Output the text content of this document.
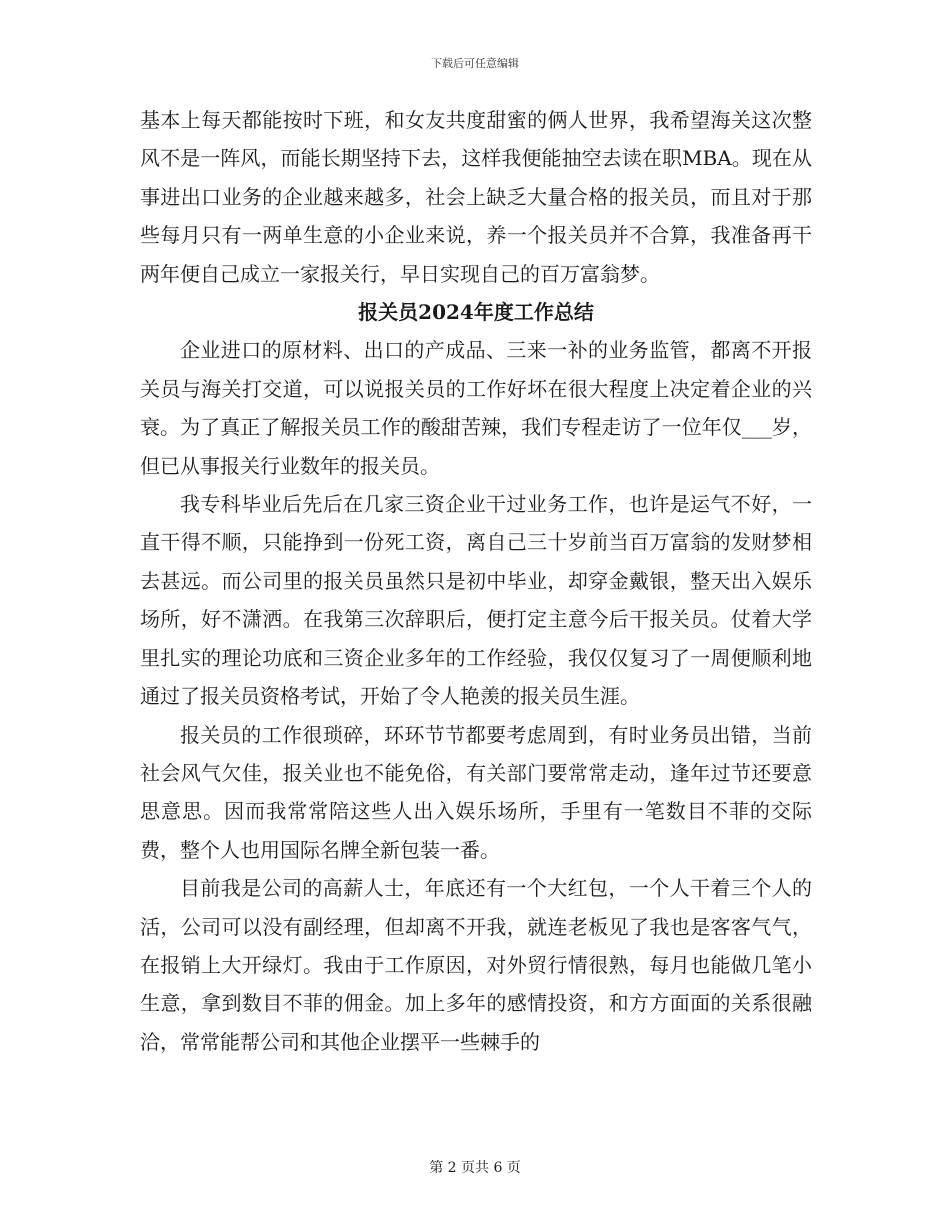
下载后可任意编辑

基本上每天都能按时下班，和女友共度甜蜜的俩人世界，我希望海关这次整风不是一阵风，而能长期坚持下去，这样我便能抽空去读在职MBA。现在从事进出口业务的企业越来越多，社会上缺乏大量合格的报关员，而且对于那些每月只有一两单生意的小企业来说，养一个报关员并不合算，我准备再干两年便自己成立一家报关行，早日实现自己的百万富翁梦。

报关员2024年度工作总结

企业进口的原材料、出口的产成品、三来一补的业务监管，都离不开报关员与海关打交道，可以说报关员的工作好坏在很大程度上决定着企业的兴衰。为了真正了解报关员工作的酸甜苦辣，我们专程走访了一位年仅___岁，但已从事报关行业数年的报关员。

我专科毕业后先后在几家三资企业干过业务工作，也许是运气不好，一直干得不顺，只能挣到一份死工资，离自己三十岁前当百万富翁的发财梦相去甚远。而公司里的报关员虽然只是初中毕业，却穿金戴银，整天出入娱乐场所，好不潇洒。在我第三次辞职后，便打定主意今后干报关员。仗着大学里扎实的理论功底和三资企业多年的工作经验，我仅仅复习了一周便顺利地通过了报关员资格考试，开始了令人艳羡的报关员生涯。

报关员的工作很琐碎，环环节节都要考虑周到，有时业务员出错，当前社会风气欠佳，报关业也不能免俗，有关部门要常常走动，逢年过节还要意思意思。因而我常常陪这些人出入娱乐场所，手里有一笔数目不菲的交际费，整个人也用国际名牌全新包装一番。

目前我是公司的高薪人士，年底还有一个大红包，一个人干着三个人的活，公司可以没有副经理，但却离不开我，就连老板见了我也是客客气气，在报销上大开绿灯。我由于工作原因，对外贸行情很熟，每月也能做几笔小生意，拿到数目不菲的佣金。加上多年的感情投资，和方方面面的关系很融洽，常常能帮公司和其他企业摆平一些棘手的

第 2 页共 6 页
